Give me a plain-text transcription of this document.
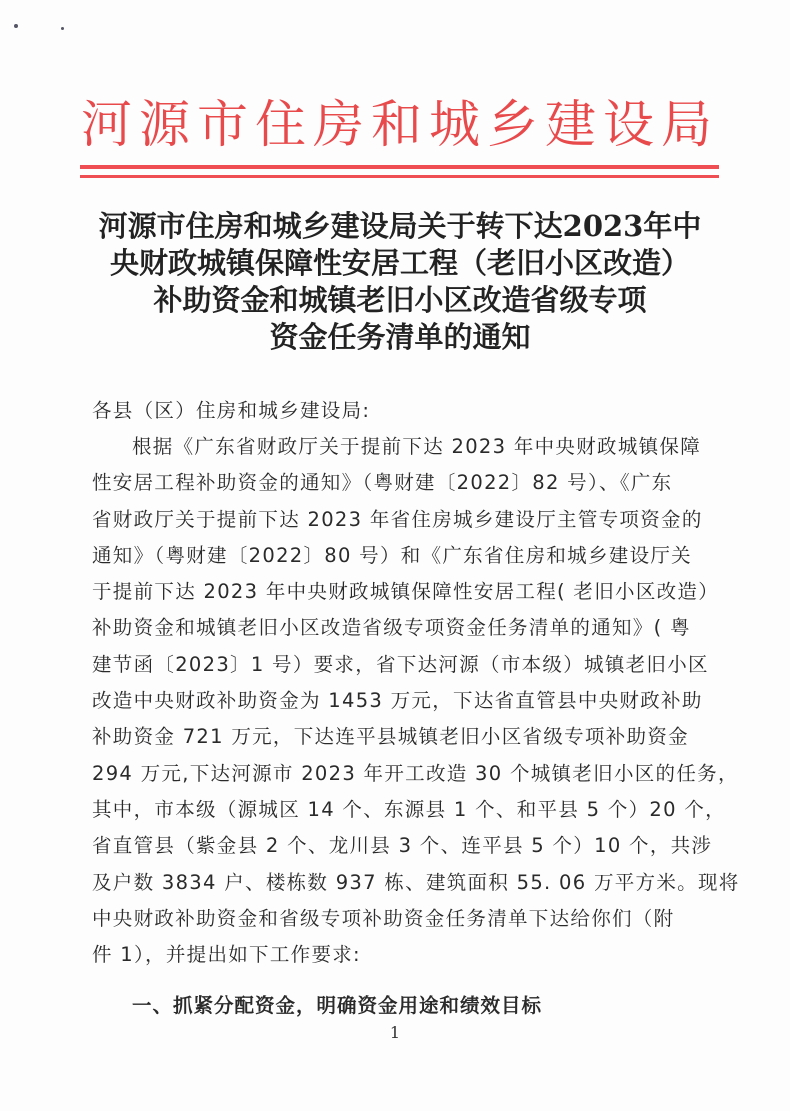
河源市住房和城乡建设局
河源市住房和城乡建设局关于转下达2023年中
央财政城镇保障性安居工程（老旧小区改造）
补助资金和城镇老旧小区改造省级专项
资金任务清单的通知
各县（区）住房和城乡建设局:
根据《广东省财政厅关于提前下达 2023 年中央财政城镇保障
性安居工程补助资金的通知》（粤财建〔2022〕82 号）、《广东
省财政厅关于提前下达 2023 年省住房城乡建设厅主管专项资金的
通知》（粤财建〔2022〕80 号）和《广东省住房和城乡建设厅关
于提前下达 2023 年中央财政城镇保障性安居工程( 老旧小区改造）
补助资金和城镇老旧小区改造省级专项资金任务清单的通知》( 粤
建节函〔2023〕1 号）要求，省下达河源（市本级）城镇老旧小区
改造中央财政补助资金为 1453 万元，下达省直管县中央财政补助
补助资金 721 万元，下达连平县城镇老旧小区省级专项补助资金
294 万元,下达河源市 2023 年开工改造 30 个城镇老旧小区的任务，
其中，市本级（源城区 14 个、东源县 1 个、和平县 5 个）20 个，
省直管县（紫金县 2 个、龙川县 3 个、连平县 5 个）10 个，共涉
及户数 3834 户、楼栋数 937 栋、建筑面积 55. 06 万平方米。现将
中央财政补助资金和省级专项补助资金任务清单下达给你们（附
件 1），并提出如下工作要求:
一、抓紧分配资金，明确资金用途和绩效目标
1
